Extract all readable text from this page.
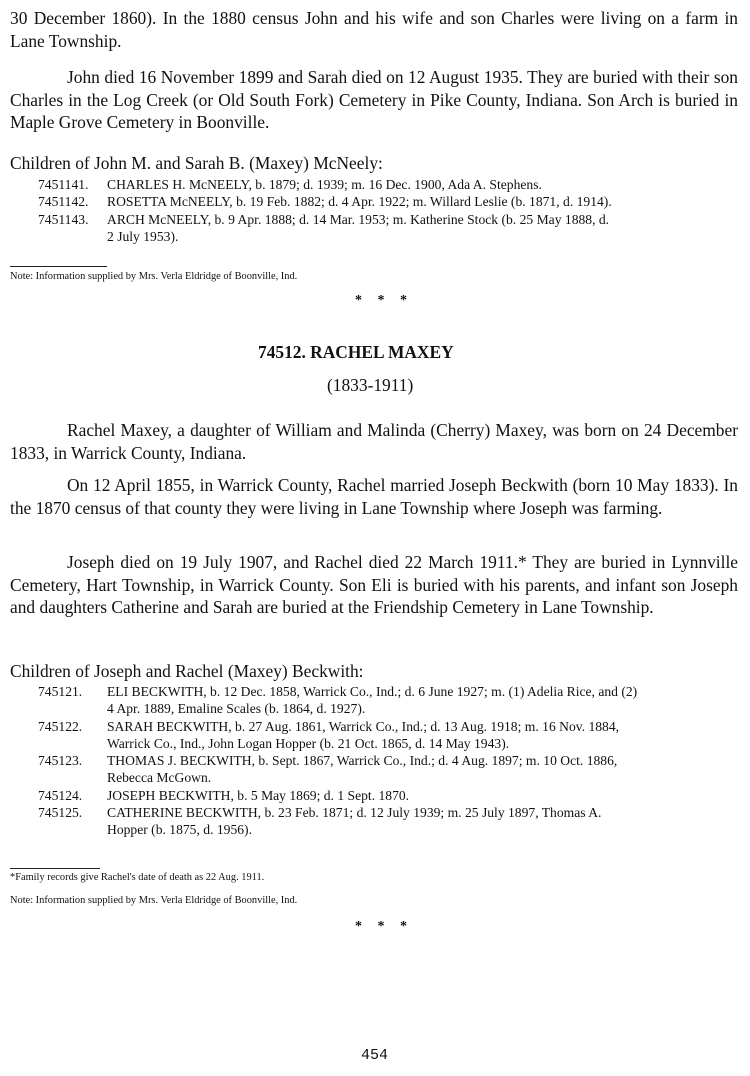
30 December 1860). In the 1880 census John and his wife and son Charles were living on a farm in Lane Township.
John died 16 November 1899 and Sarah died on 12 August 1935. They are buried with their son Charles in the Log Creek (or Old South Fork) Cemetery in Pike County, Indiana. Son Arch is buried in Maple Grove Cemetery in Boonville.
Children of John M. and Sarah B. (Maxey) McNeely:
7451141. CHARLES H. McNEELY, b. 1879; d. 1939; m. 16 Dec. 1900, Ada A. Stephens.
7451142. ROSETTA McNEELY, b. 19 Feb. 1882; d. 4 Apr. 1922; m. Willard Leslie (b. 1871, d. 1914).
7451143. ARCH McNEELY, b. 9 Apr. 1888; d. 14 Mar. 1953; m. Katherine Stock (b. 25 May 1888, d.
2 July 1953).
Note: Information supplied by Mrs. Verla Eldridge of Boonville, Ind.
* * *
74512. RACHEL MAXEY
(1833-1911)
Rachel Maxey, a daughter of William and Malinda (Cherry) Maxey, was born on 24 December 1833, in Warrick County, Indiana.
On 12 April 1855, in Warrick County, Rachel married Joseph Beckwith (born 10 May 1833). In the 1870 census of that county they were living in Lane Township where Joseph was farming.
Joseph died on 19 July 1907, and Rachel died 22 March 1911.* They are buried in Lynnville Cemetery, Hart Township, in Warrick County. Son Eli is buried with his parents, and infant son Joseph and daughters Catherine and Sarah are buried at the Friendship Cemetery in Lane Township.
Children of Joseph and Rachel (Maxey) Beckwith:
745121. ELI BECKWITH, b. 12 Dec. 1858, Warrick Co., Ind.; d. 6 June 1927; m. (1) Adelia Rice, and (2)
4 Apr. 1889, Emaline Scales (b. 1864, d. 1927).
745122. SARAH BECKWITH, b. 27 Aug. 1861, Warrick Co., Ind.; d. 13 Aug. 1918; m. 16 Nov. 1884,
Warrick Co., Ind., John Logan Hopper (b. 21 Oct. 1865, d. 14 May 1943).
745123. THOMAS J. BECKWITH, b. Sept. 1867, Warrick Co., Ind.; d. 4 Aug. 1897; m. 10 Oct. 1886,
Rebecca McGown.
745124. JOSEPH BECKWITH, b. 5 May 1869; d. 1 Sept. 1870.
745125. CATHERINE BECKWITH, b. 23 Feb. 1871; d. 12 July 1939; m. 25 July 1897, Thomas A.
Hopper (b. 1875, d. 1956).
*Family records give Rachel's date of death as 22 Aug. 1911.
Note: Information supplied by Mrs. Verla Eldridge of Boonville, Ind.
* * *
454
